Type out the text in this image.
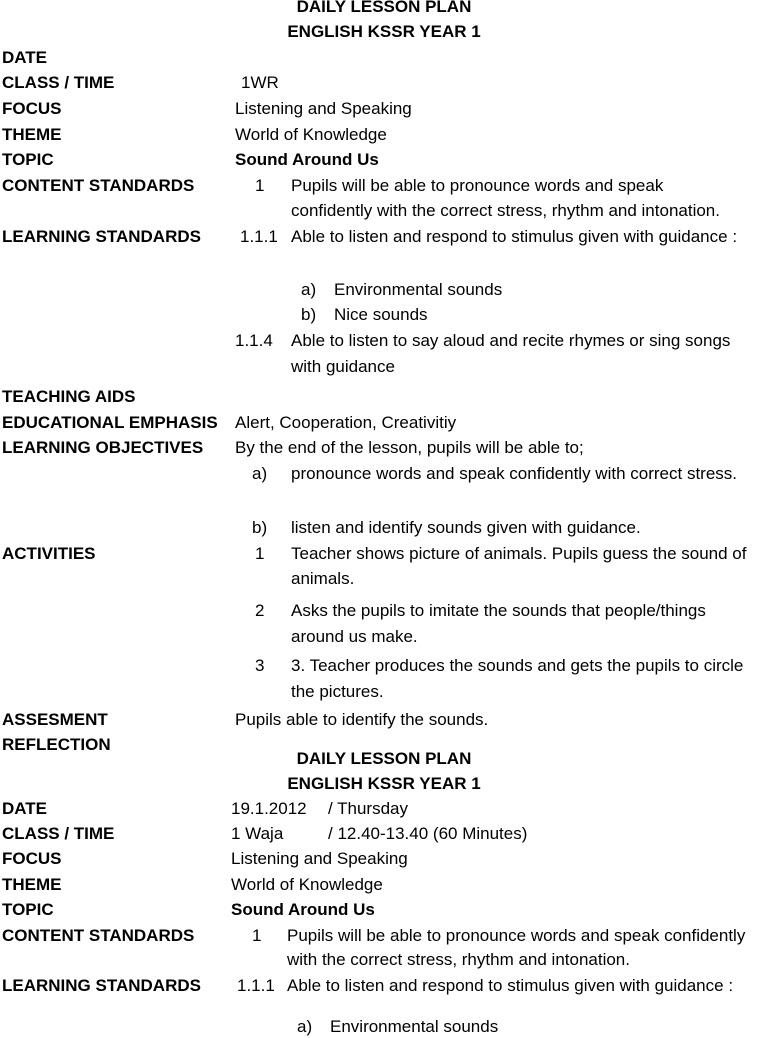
DAILY LESSON PLAN
ENGLISH KSSR YEAR 1
DATE
CLASS / TIME	1WR
FOCUS	Listening and Speaking
THEME	World of Knowledge
TOPIC	Sound Around Us
CONTENT STANDARDS	1 Pupils will be able to pronounce words and speak
confidently with the correct stress, rhythm and intonation.
LEARNING STANDARDS 1.1.1 Able to listen and respond to stimulus given with guidance :
a) Environmental sounds
b) Nice sounds
1.1.4 Able to listen to say aloud and recite rhymes or sing songs
with guidance
TEACHING AIDS
EDUCATIONAL EMPHASIS Alert, Cooperation, Creativitiy
LEARNING OBJECTIVES By the end of the lesson, pupils will be able to;
a) pronounce words and speak confidently with correct stress.
b) listen and identify sounds given with guidance.
ACTIVITIES	1 Teacher shows picture of animals. Pupils guess the sound of
animals.
2 Asks the pupils to imitate the sounds that people/things
around us make.
3 3. Teacher produces the sounds and gets the pupils to circle
the pictures.
ASSESMENT	Pupils able to identify the sounds.
REFLECTION
DAILY LESSON PLAN
ENGLISH KSSR YEAR 1
DATE	19.1.2012 / Thursday
CLASS / TIME	1 Waja	/ 12.40-13.40 (60 Minutes)
FOCUS	Listening and Speaking
THEME	World of Knowledge
TOPIC	Sound Around Us
CONTENT STANDARDS	1 Pupils will be able to pronounce words and speak confidently
with the correct stress, rhythm and intonation.
LEARNING STANDARDS 1.1.1 Able to listen and respond to stimulus given with guidance :
a) Environmental sounds
